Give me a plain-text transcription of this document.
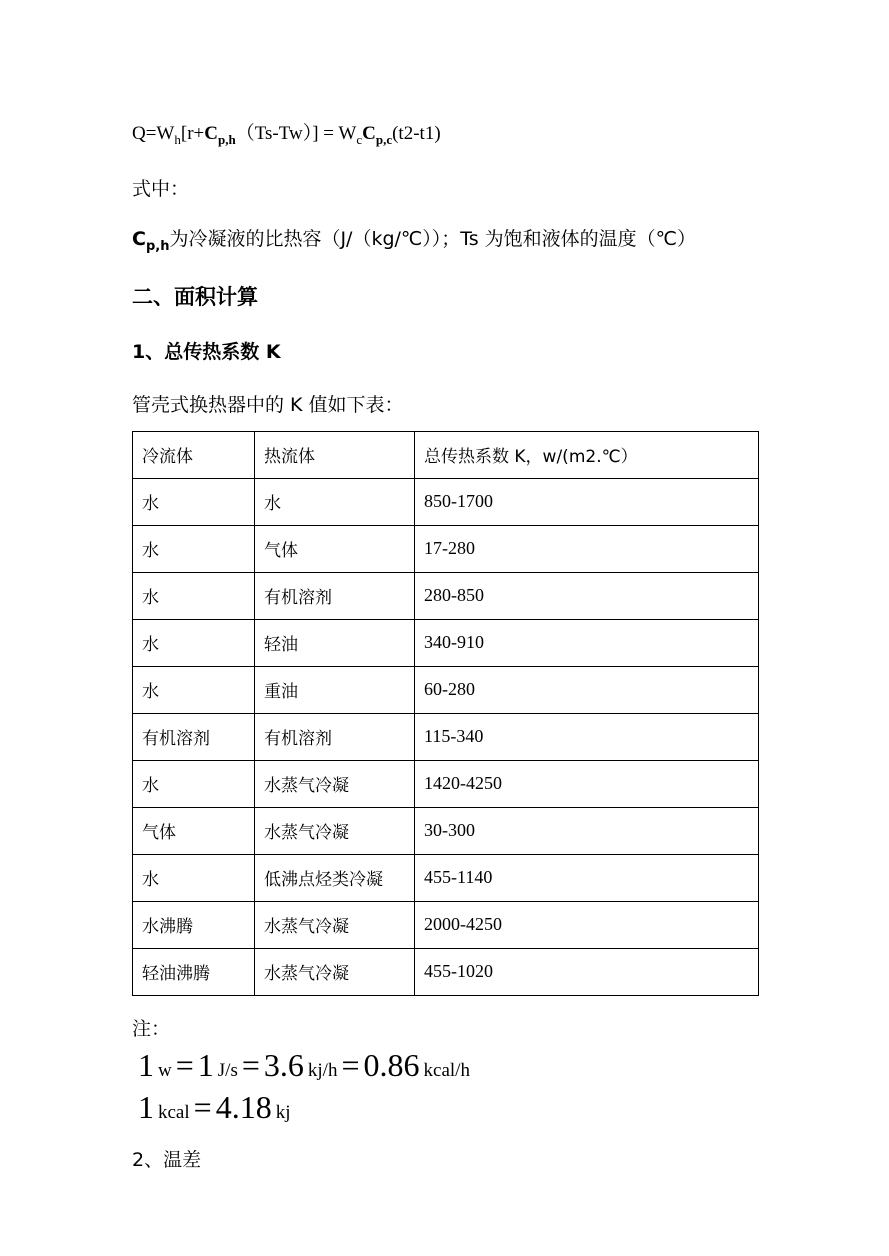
$Q=W_h[r+C_{p,h}(Ts-Tw)] = W_cC_{p,c}(t2-t1)$
式中：
$C_{p,h}$为冷凝液的比热容（J/（kg/℃））；Ts 为饱和液体的温度（℃）
二、面积计算
1、总传热系数 K
管壳式换热器中的 K 值如下表：
冷流体	热流体	总传热系数 K，w/(m2.℃）
水	水	850-1700
水	气体	17-280
水	有机溶剂	280-850
水	轻油	340-910
水	重油	60-280
有机溶剂	有机溶剂	115-340
水	水蒸气冷凝	1420-4250
气体	水蒸气冷凝	30-300
水	低沸点烃类冷凝	455-1140
水沸腾	水蒸气冷凝	2000-4250
轻油沸腾	水蒸气冷凝	455-1020
注：
1 w = 1 J/s = 3.6 kj/h = 0.86 kcal/h
1 kcal = 4.18 kj
2、温差
